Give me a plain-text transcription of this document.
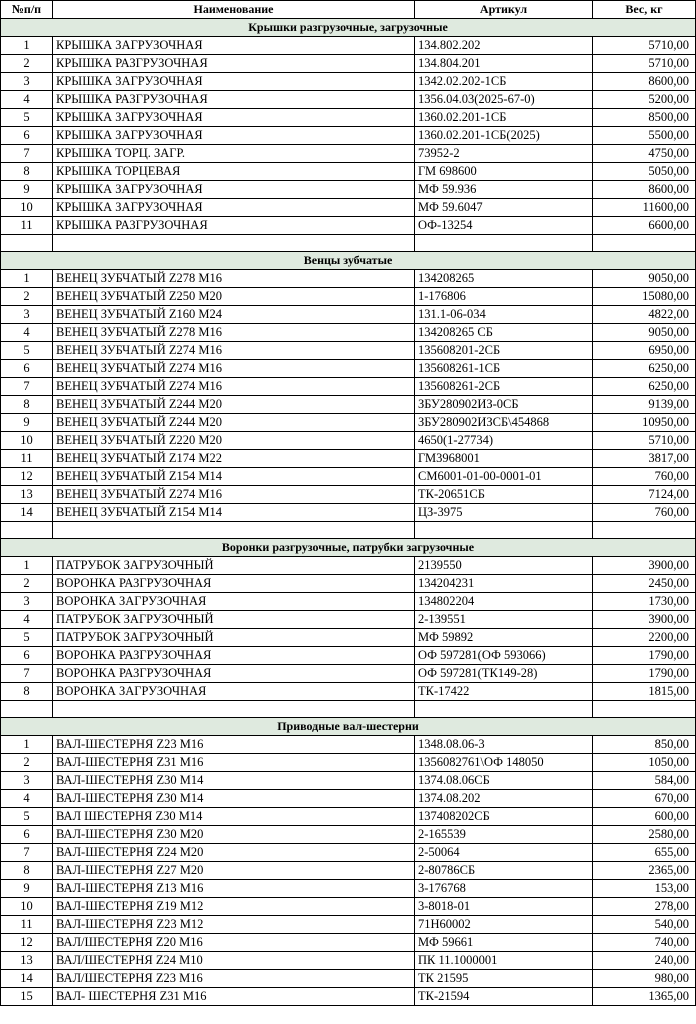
№п/п	Наименование	Артикул	Вес, кг
Крышки разгрузочные, загрузочные			
1	КРЫШКА ЗАГРУЗОЧНАЯ	134.802.202	5710,00
2	КРЫШКА РАЗГРУЗОЧНАЯ	134.804.201	5710,00
3	КРЫШКА ЗАГРУЗОЧНАЯ	1342.02.202-1СБ	8600,00
4	КРЫШКА РАЗГРУЗОЧНАЯ	1356.04.03(2025-67-0)	5200,00
5	КРЫШКА ЗАГРУЗОЧНАЯ	1360.02.201-1СБ	8500,00
6	КРЫШКА ЗАГРУЗОЧНАЯ	1360.02.201-1СБ(2025)	5500,00
7	КРЫШКА ТОРЦ. ЗАГР.	73952-2	4750,00
8	КРЫШКА ТОРЦЕВАЯ	ГМ 698600	5050,00
9	КРЫШКА ЗАГРУЗОЧНАЯ	МФ 59.936	8600,00
10	КРЫШКА ЗАГРУЗОЧНАЯ	МФ 59.6047	11600,00
11	КРЫШКА РАЗГРУЗОЧНАЯ	ОФ-13254	6600,00

Венцы зубчатые			
1	ВЕНЕЦ ЗУБЧАТЫЙ Z278 M16	134208265	9050,00
2	ВЕНЕЦ ЗУБЧАТЫЙ Z250 M20	1-176806	15080,00
3	ВЕНЕЦ ЗУБЧАТЫЙ Z160 M24	131.1-06-034	4822,00
4	ВЕНЕЦ ЗУБЧАТЫЙ Z278 M16	134208265 СБ	9050,00
5	ВЕНЕЦ ЗУБЧАТЫЙ Z274 M16	135608201-2СБ	6950,00
6	ВЕНЕЦ ЗУБЧАТЫЙ Z274 M16	135608261-1СБ	6250,00
7	ВЕНЕЦ ЗУБЧАТЫЙ Z274 M16	135608261-2СБ	6250,00
8	ВЕНЕЦ ЗУБЧАТЫЙ Z244 M20	ЗБУ280902ИЗ-0СБ	9139,00
9	ВЕНЕЦ ЗУБЧАТЫЙ Z244 M20	ЗБУ280902ИЗСБ\454868	10950,00
10	ВЕНЕЦ ЗУБЧАТЫЙ Z220 M20	4650(1-27734)	5710,00
11	ВЕНЕЦ ЗУБЧАТЫЙ Z174 M22	ГМ3968001	3817,00
12	ВЕНЕЦ ЗУБЧАТЫЙ Z154 M14	СМ6001-01-00-0001-01	760,00
13	ВЕНЕЦ ЗУБЧАТЫЙ Z274 M16	ТК-20651СБ	7124,00
14	ВЕНЕЦ ЗУБЧАТЫЙ Z154 M14	ЦЗ-3975	760,00

Воронки разгрузочные, патрубки загрузочные			
1	ПАТРУБОК ЗАГРУЗОЧНЫЙ	2139550	3900,00
2	ВОРОНКА РАЗГРУЗОЧНАЯ	134204231	2450,00
3	ВОРОНКА ЗАГРУЗОЧНАЯ	134802204	1730,00
4	ПАТРУБОК ЗАГРУЗОЧНЫЙ	2-139551	3900,00
5	ПАТРУБОК ЗАГРУЗОЧНЫЙ	МФ 59892	2200,00
6	ВОРОНКА РАЗГРУЗОЧНАЯ	ОФ 597281(ОФ 593066)	1790,00
7	ВОРОНКА РАЗГРУЗОЧНАЯ	ОФ 597281(ТК149-28)	1790,00
8	ВОРОНКА ЗАГРУЗОЧНАЯ	ТК-17422	1815,00

Приводные вал-шестерни			
1	ВАЛ-ШЕСТЕРНЯ Z23 M16	1348.08.06-3	850,00
2	ВАЛ-ШЕСТЕРНЯ Z31 M16	1356082761\ОФ 148050	1050,00
3	ВАЛ-ШЕСТЕРНЯ Z30 M14	1374.08.06СБ	584,00
4	ВАЛ-ШЕСТЕРНЯ Z30 M14	1374.08.202	670,00
5	ВАЛ ШЕСТЕРНЯ Z30 M14	137408202СБ	600,00
6	ВАЛ-ШЕСТЕРНЯ Z30 M20	2-165539	2580,00
7	ВАЛ-ШЕСТЕРНЯ Z24 M20	2-50064	655,00
8	ВАЛ-ШЕСТЕРНЯ Z27 M20	2-80786СБ	2365,00
9	ВАЛ-ШЕСТЕРНЯ Z13 M16	3-176768	153,00
10	ВАЛ-ШЕСТЕРНЯ Z19 M12	3-8018-01	278,00
11	ВАЛ-ШЕСТЕРНЯ Z23 M12	71Н60002	540,00
12	ВАЛ/ШЕСТЕРНЯ Z20 M16	МФ 59661	740,00
13	ВАЛ/ШЕСТЕРНЯ Z24 M10	ПК 11.1000001	240,00
14	ВАЛ/ШЕСТЕРНЯ Z23 M16	ТК 21595	980,00
15	ВАЛ- ШЕСТЕРНЯ Z31 M16	ТК-21594	1365,00
